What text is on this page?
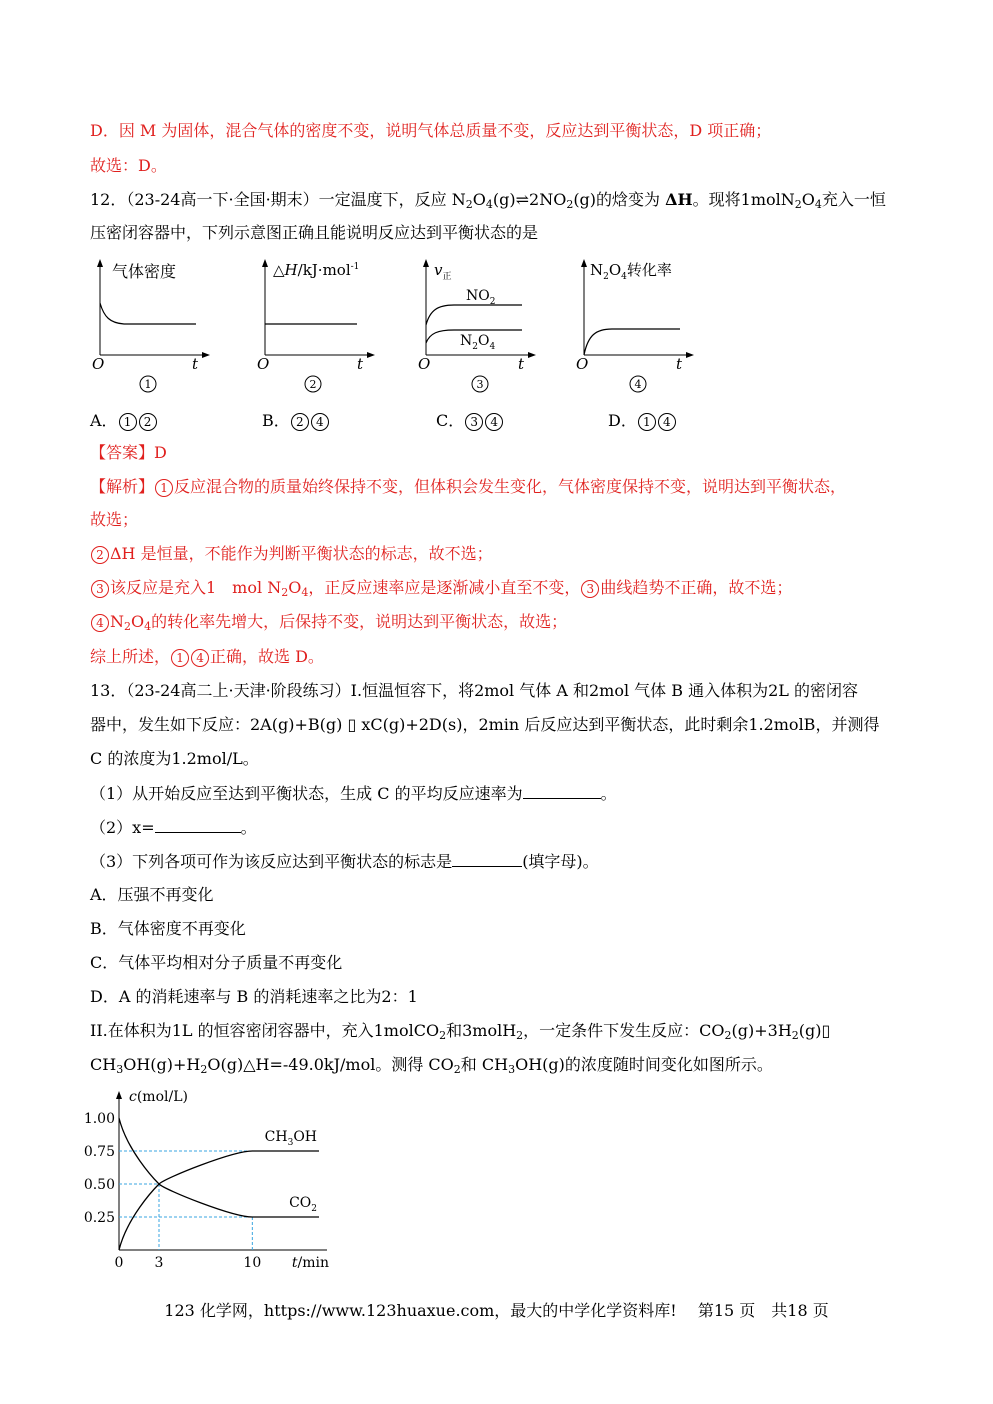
D．因 M 为固体，混合气体的密度不变，说明气体总质量不变，反应达到平衡状态，D 项正确；
故选：D。
12．（23-24高一下·全国·期末）一定温度下，反应 $N_2O_4(g)\rightleftharpoons 2NO_2(g)$的焓变为 ΔH。现将$1molN_2O_4$充入一恒
压密闭容器中，下列示意图正确且能说明反应达到平衡状态的是
气体密度
O	t
1
△H/kJ·mol$^{-1}$
O	t
2
$v_正$
$NO_2$
$N_2O_4$
O	t
3
$N_2O_4$转化率
O	t
4
A． 1 2	B． 2 4	C． 3 4	D． 1 4
【答案】D
【解析】 1 反应混合物的质量始终保持不变，但体积会发生变化，气体密度保持不变，说明达到平衡状态，
故选；
2 ΔH 是恒量，不能作为判断平衡状态的标志，故不选；
3 该反应是充入1　mol $N_2O_4$，正反应速率应是逐渐减小直至不变， 3 曲线趋势不正确，故不选；
4 $N_2O_4$的转化率先增大，后保持不变，说明达到平衡状态，故选；
综上所述， 1 4 正确，故选 D。
13．（23-24高二上·天津·阶段练习）I.恒温恒容下，将2mol 气体 A 和2mol 气体 B 通入体积为2L 的密闭容
器中，发生如下反应：2A(g)+B(g) ▯ xC(g)+2D(s)，2min 后反应达到平衡状态，此时剩余1.2molB，并测得
C 的浓度为1.2mol/L。
（1）从开始反应至达到平衡状态，生成 C 的平均反应速率为	。
（2）x=	。
（3）下列各项可作为该反应达到平衡状态的标志是	(填字母)。
A．压强不再变化
B．气体密度不再变化
C．气体平均相对分子质量不再变化
D．A 的消耗速率与 B 的消耗速率之比为2：1
II.在体积为1L 的恒容密闭容器中，充入1molCO$_2$和3molH$_2$，一定条件下发生反应：$CO_2(g)+3H_2(g)▯$
$CH_3OH(g)+H_2O(g)\triangle H=-49.0kJ$/mol。测得 $CO_2$和 $CH_3OH(g)$的浓度随时间变化如图所示。
1.00
0.75
0.50
0.25
0 3	10
c(mol/L)
t/min
$CH_3OH$
$CO_2$
123 化学网，https://www.123huaxue.com，最大的中学化学资料库!　 第15 页　共18 页
